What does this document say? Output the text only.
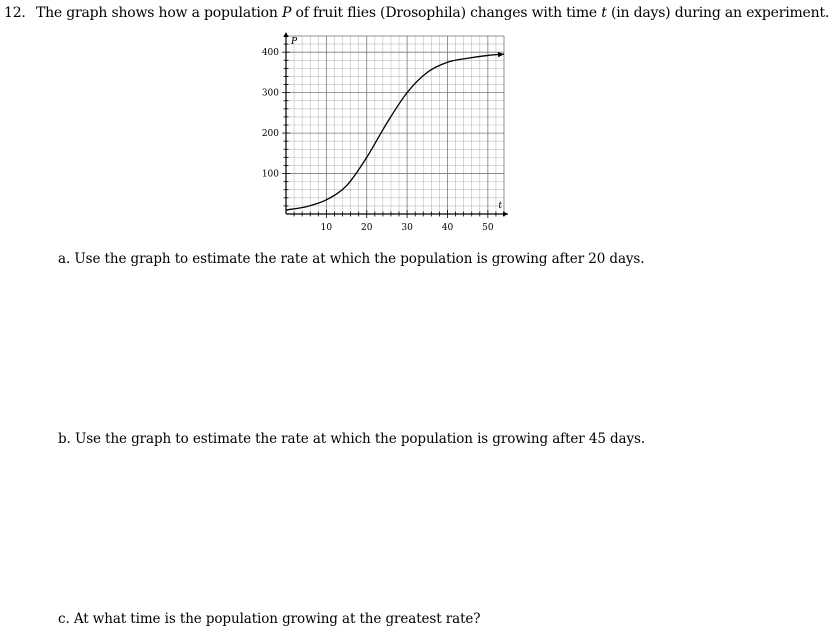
12. The graph shows how a population P of fruit flies (Drosophila) changes with time t (in days) during an experiment.
10	20	30	40	50
100
200
300
400
t
P
a. Use the graph to estimate the rate at which the population is growing after 20 days.
b. Use the graph to estimate the rate at which the population is growing after 45 days.
c. At what time is the population growing at the greatest rate?
